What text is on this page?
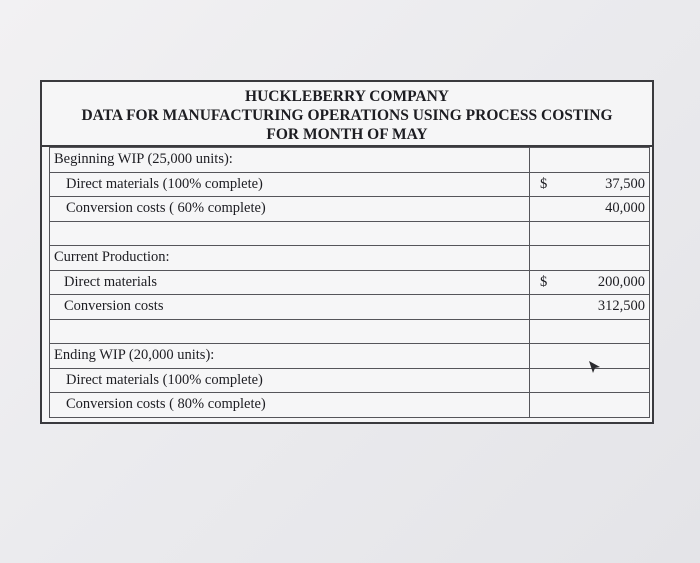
HUCKLEBERRY COMPANY
DATA FOR MANUFACTURING OPERATIONS USING PROCESS COSTING
FOR MONTH OF MAY
Beginning WIP (25,000 units):	
Direct materials (100% complete)	$ 37,500

Conversion costs ( 60% complete)	40,000

Current Production:	
Direct materials	$ 200,000

Conversion costs	312,500

Ending WIP (20,000 units):	
Direct materials (100% complete)	
Conversion costs ( 80% complete)	
